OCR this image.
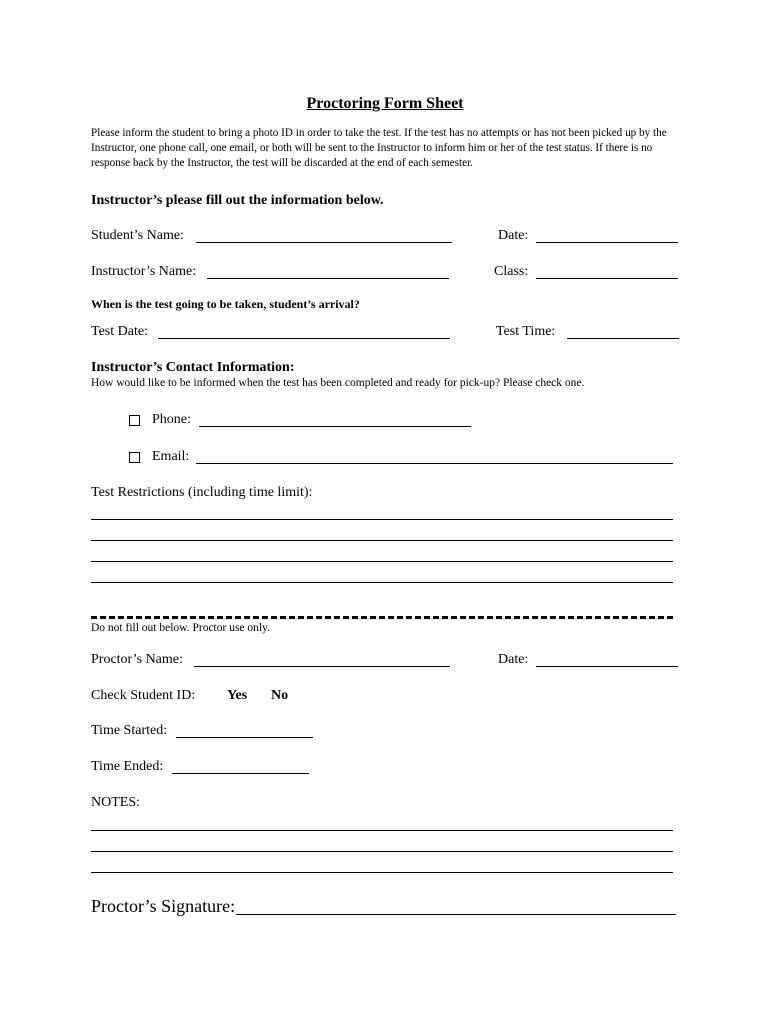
Proctoring Form Sheet
Please inform the student to bring a photo ID in order to take the test. If the test has no attempts or has not been picked up by the Instructor, one phone call, one email, or both will be sent to the Instructor to inform him or her of the test status. If there is no response back by the Instructor, the test will be discarded at the end of each semester.
Instructor’s please fill out the information below.
Student’s Name:	Date:
Instructor’s Name:	Class:
When is the test going to be taken, student’s arrival?
Test Date:	Test Time:
Instructor’s Contact Information:
How would like to be informed when the test has been completed and ready for pick-up? Please check one.
Phone:
Email:
Test Restrictions (including time limit):
Do not fill out below. Proctor use only.
Proctor’s Name:	Date:
Check Student ID: Yes No
Time Started:
Time Ended:
NOTES:
Proctor’s Signature:
